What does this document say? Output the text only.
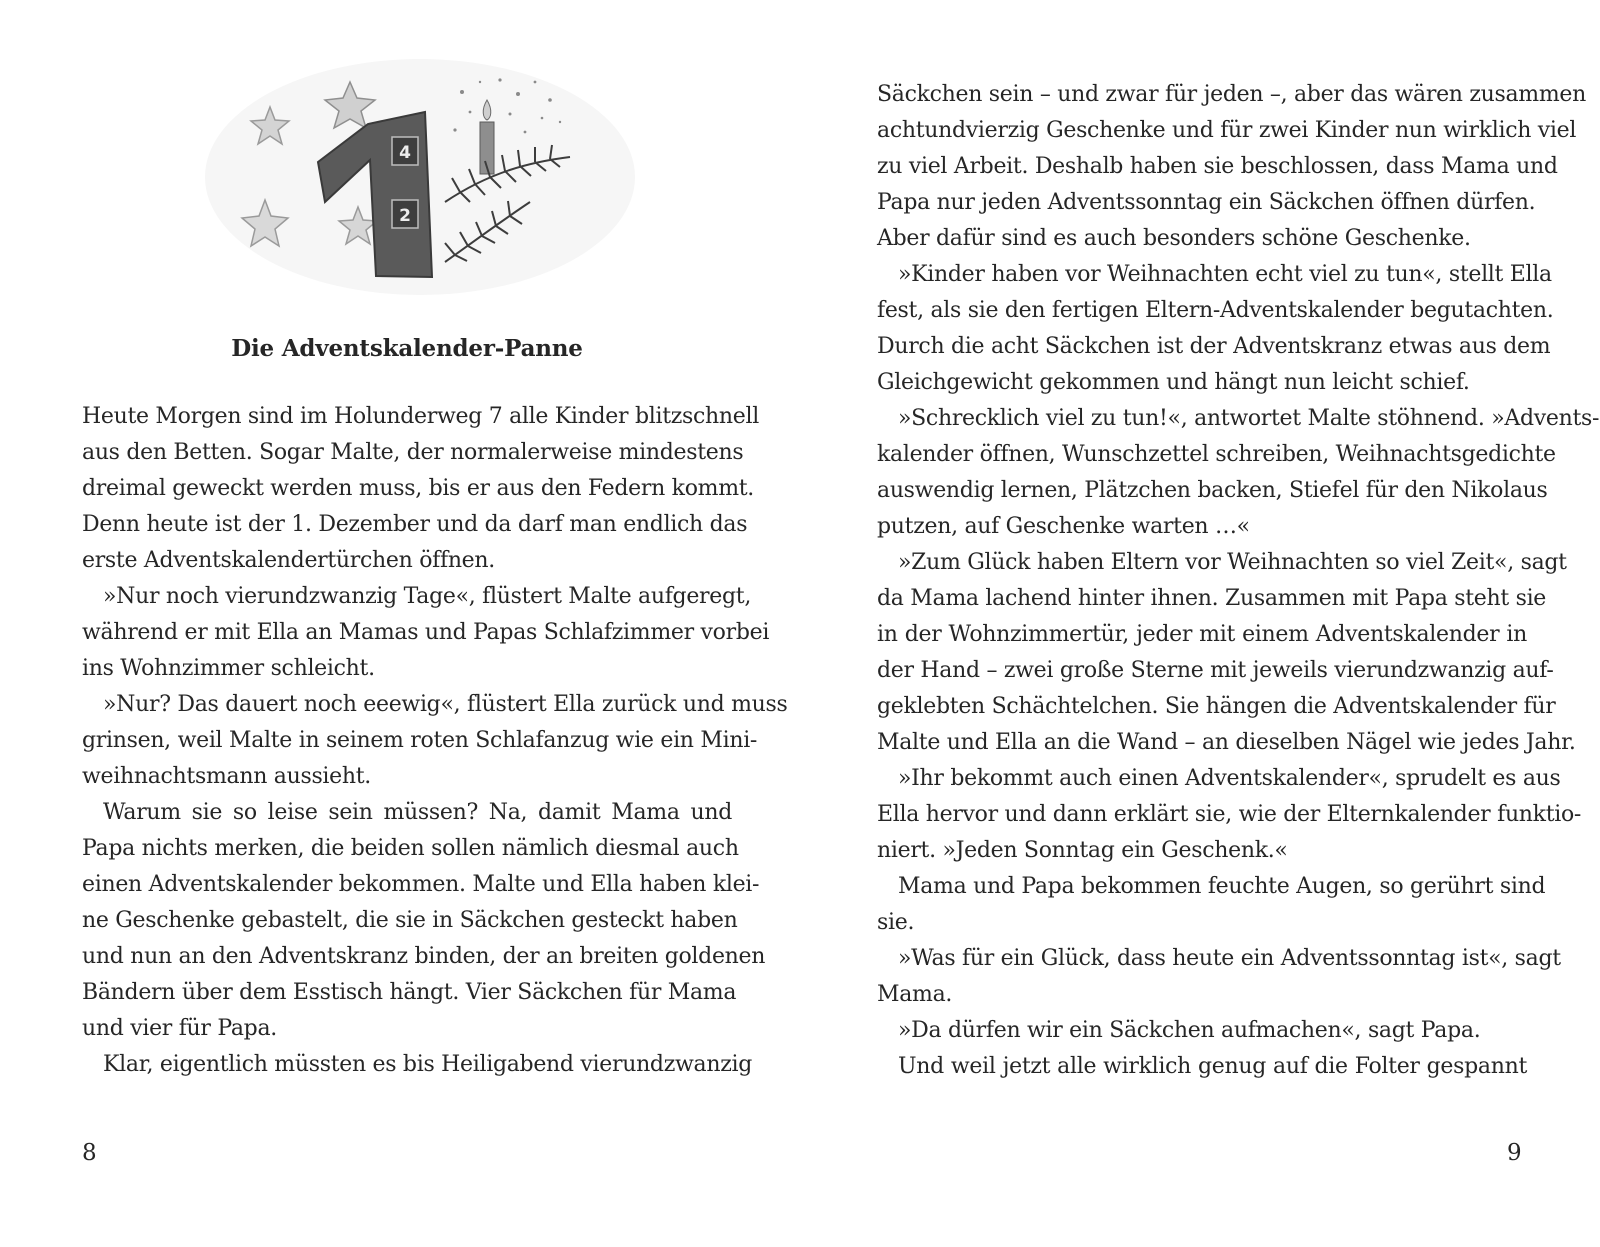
4
2
Die Adventskalender-Panne
Heute Morgen sind im Holunderweg 7 alle Kinder blitzschnell
aus den Betten. Sogar Malte, der normalerweise mindestens
dreimal geweckt werden muss, bis er aus den Federn kommt.
Denn heute ist der 1. Dezember und da darf man endlich das
erste Adventskalendertürchen öffnen.
»Nur noch vierundzwanzig Tage«, flüstert Malte aufgeregt,
während er mit Ella an Mamas und Papas Schlafzimmer vorbei
ins Wohnzimmer schleicht.
»Nur? Das dauert noch eeewig«, flüstert Ella zurück und muss
grinsen, weil Malte in seinem roten Schlafanzug wie ein Mini-
weihnachtsmann aussieht.
Warum sie so leise sein müssen? Na, damit Mama und
Papa nichts merken, die beiden sollen nämlich diesmal auch
einen Adventskalender bekommen. Malte und Ella haben klei-
ne Geschenke gebastelt, die sie in Säckchen gesteckt haben
und nun an den Adventskranz binden, der an breiten goldenen
Bändern über dem Esstisch hängt. Vier Säckchen für Mama
und vier für Papa.
Klar, eigentlich müssten es bis Heiligabend vierundzwanzig
8
Säckchen sein – und zwar für jeden –, aber das wären zusammen
achtundvierzig Geschenke und für zwei Kinder nun wirklich viel
zu viel Arbeit. Deshalb haben sie beschlossen, dass Mama und
Papa nur jeden Adventssonntag ein Säckchen öffnen dürfen.
Aber dafür sind es auch besonders schöne Geschenke.
»Kinder haben vor Weihnachten echt viel zu tun«, stellt Ella
fest, als sie den fertigen Eltern-Adventskalender begutachten.
Durch die acht Säckchen ist der Adventskranz etwas aus dem
Gleichgewicht gekommen und hängt nun leicht schief.
»Schrecklich viel zu tun!«, antwortet Malte stöhnend. »Advents-
kalender öffnen, Wunschzettel schreiben, Weihnachtsgedichte
auswendig lernen, Plätzchen backen, Stiefel für den Nikolaus
putzen, auf Geschenke warten …«
»Zum Glück haben Eltern vor Weihnachten so viel Zeit«, sagt
da Mama lachend hinter ihnen. Zusammen mit Papa steht sie
in der Wohnzimmertür, jeder mit einem Adventskalender in
der Hand – zwei große Sterne mit jeweils vierundzwanzig auf-
geklebten Schächtelchen. Sie hängen die Adventskalender für
Malte und Ella an die Wand – an dieselben Nägel wie jedes Jahr.
»Ihr bekommt auch einen Adventskalender«, sprudelt es aus
Ella hervor und dann erklärt sie, wie der Elternkalender funktio-
niert. »Jeden Sonntag ein Geschenk.«
Mama und Papa bekommen feuchte Augen, so gerührt sind
sie.
»Was für ein Glück, dass heute ein Adventssonntag ist«, sagt
Mama.
»Da dürfen wir ein Säckchen aufmachen«, sagt Papa.
Und weil jetzt alle wirklich genug auf die Folter gespannt
9
